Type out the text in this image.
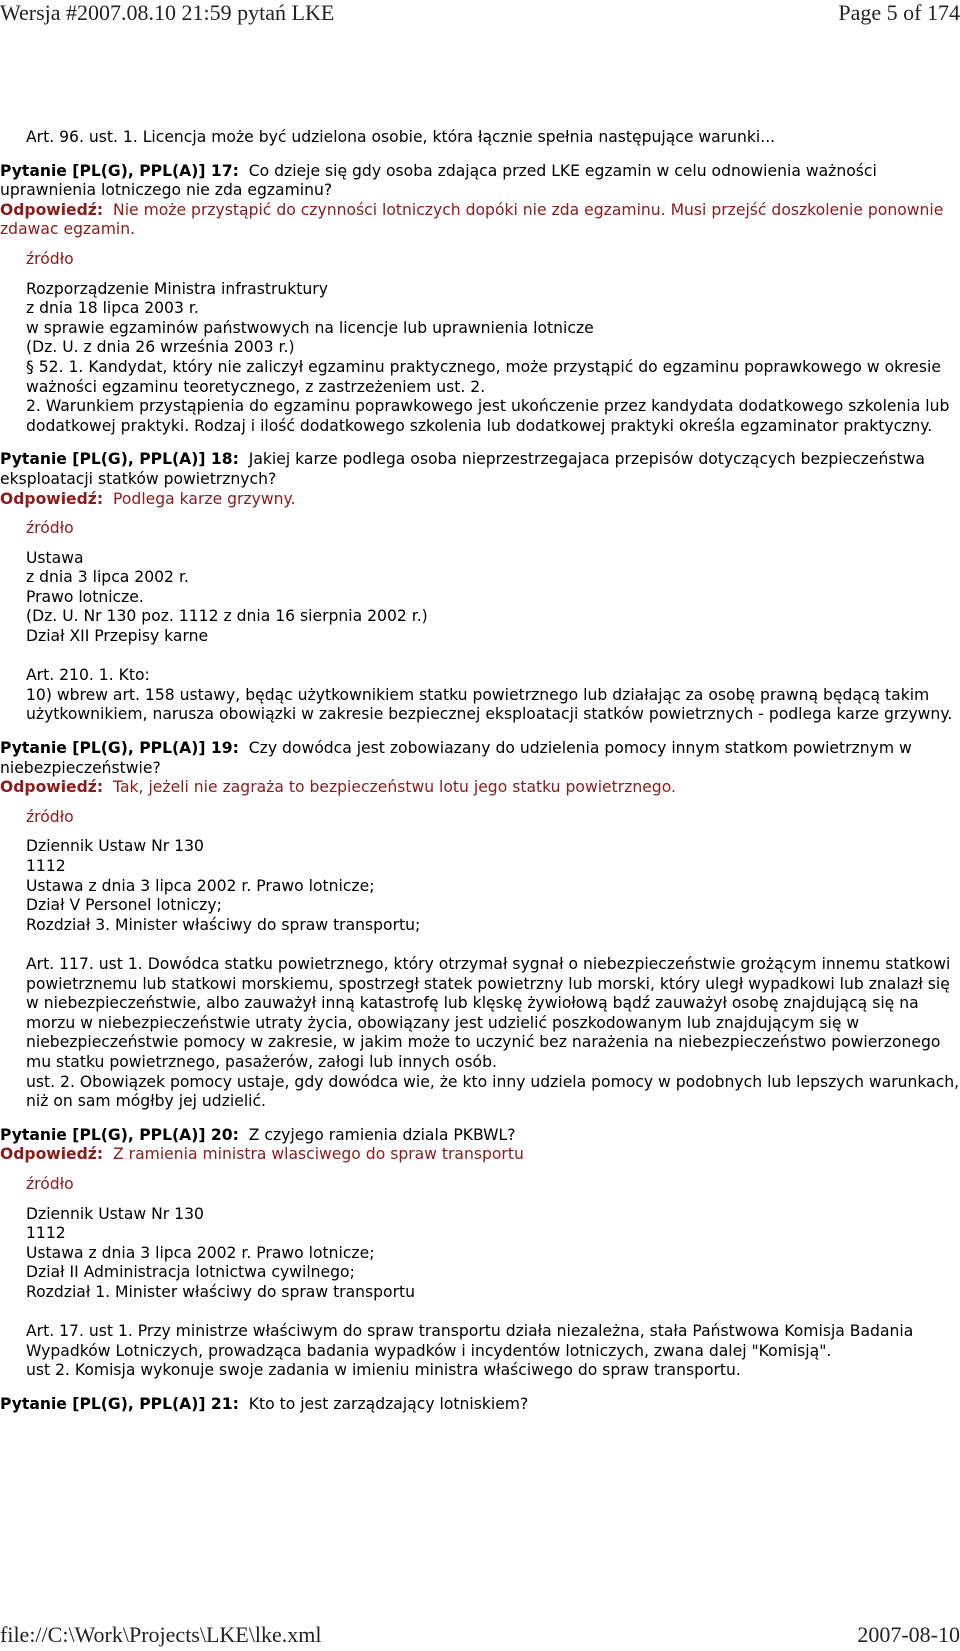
Wersja #2007.08.10 21:59 pytań LKE	Page 5 of 174
Art. 96. ust. 1. Licencja może być udzielona osobie, która łącznie spełnia następujące warunki...

Pytanie [PL(G), PPL(A)] 17: Co dzieje się gdy osoba zdająca przed LKE egzamin w celu odnowienia ważności uprawnienia lotniczego nie zda egzaminu?

Odpowiedź: Nie może przystąpić do czynności lotniczych dopóki nie zda egzaminu. Musi przejść doszkolenie ponownie zdawac egzamin.

źródło
Rozporządzenie Ministra infrastruktury
z dnia 18 lipca 2003 r.
w sprawie egzaminów państwowych na licencje lub uprawnienia lotnicze
(Dz. U. z dnia 26 września 2003 r.)
§ 52. 1. Kandydat, który nie zaliczył egzaminu praktycznego, może przystąpić do egzaminu poprawkowego w okresie ważności egzaminu teoretycznego, z zastrzeżeniem ust. 2.
2. Warunkiem przystąpienia do egzaminu poprawkowego jest ukończenie przez kandydata dodatkowego szkolenia lub dodatkowej praktyki. Rodzaj i ilość dodatkowego szkolenia lub dodatkowej praktyki określa egzaminator praktyczny.

Pytanie [PL(G), PPL(A)] 18: Jakiej karze podlega osoba nieprzestrzegajaca przepisów dotyczących bezpieczeństwa eksploatacji statków powietrznych?

Odpowiedź: Podlega karze grzywny.

źródło
Ustawa
z dnia 3 lipca 2002 r.
Prawo lotnicze.
(Dz. U. Nr 130 poz. 1112 z dnia 16 sierpnia 2002 r.)
Dział XII Przepisy karne
Art. 210. 1. Kto:
10) wbrew art. 158 ustawy, będąc użytkownikiem statku powietrznego lub działając za osobę prawną będącą takim użytkownikiem, narusza obowiązki w zakresie bezpiecznej eksploatacji statków powietrznych - podlega karze grzywny.

Pytanie [PL(G), PPL(A)] 19: Czy dowódca jest zobowiazany do udzielenia pomocy innym statkom powietrznym w niebezpieczeństwie?

Odpowiedź: Tak, jeżeli nie zagraża to bezpieczeństwu lotu jego statku powietrznego.

źródło
Dziennik Ustaw Nr 130
1112
Ustawa z dnia 3 lipca 2002 r. Prawo lotnicze;
Dział V Personel lotniczy;
Rozdział 3. Minister właściwy do spraw transportu;
Art. 117. ust 1. Dowódca statku powietrznego, który otrzymał sygnał o niebezpieczeństwie grożącym innemu statkowi powietrznemu lub statkowi morskiemu, spostrzegł statek powietrzny lub morski, który uległ wypadkowi lub znalazł się w niebezpieczeństwie, albo zauważył inną katastrofę lub klęskę żywiołową bądź zauważył osobę znajdującą się na morzu w niebezpieczeństwie utraty życia, obowiązany jest udzielić poszkodowanym lub znajdującym się w niebezpieczeństwie pomocy w zakresie, w jakim może to uczynić bez narażenia na niebezpieczeństwo powierzonego mu statku powietrznego, pasażerów, załogi lub innych osób.
ust. 2. Obowiązek pomocy ustaje, gdy dowódca wie, że kto inny udziela pomocy w podobnych lub lepszych warunkach, niż on sam mógłby jej udzielić.

Pytanie [PL(G), PPL(A)] 20: Z czyjego ramienia dziala PKBWL?

Odpowiedź: Z ramienia ministra wlasciwego do spraw transportu

źródło
Dziennik Ustaw Nr 130
1112
Ustawa z dnia 3 lipca 2002 r. Prawo lotnicze;
Dział II Administracja lotnictwa cywilnego;
Rozdział 1. Minister właściwy do spraw transportu
Art. 17. ust 1. Przy ministrze właściwym do spraw transportu działa niezależna, stała Państwowa Komisja Badania Wypadków Lotniczych, prowadząca badania wypadków i incydentów lotniczych, zwana dalej "Komisją".
ust 2. Komisja wykonuje swoje zadania w imieniu ministra właściwego do spraw transportu.

Pytanie [PL(G), PPL(A)] 21: Kto to jest zarządzający lotniskiem?

file://C:\Work\Projects\LKE\lke.xml	2007-08-10
